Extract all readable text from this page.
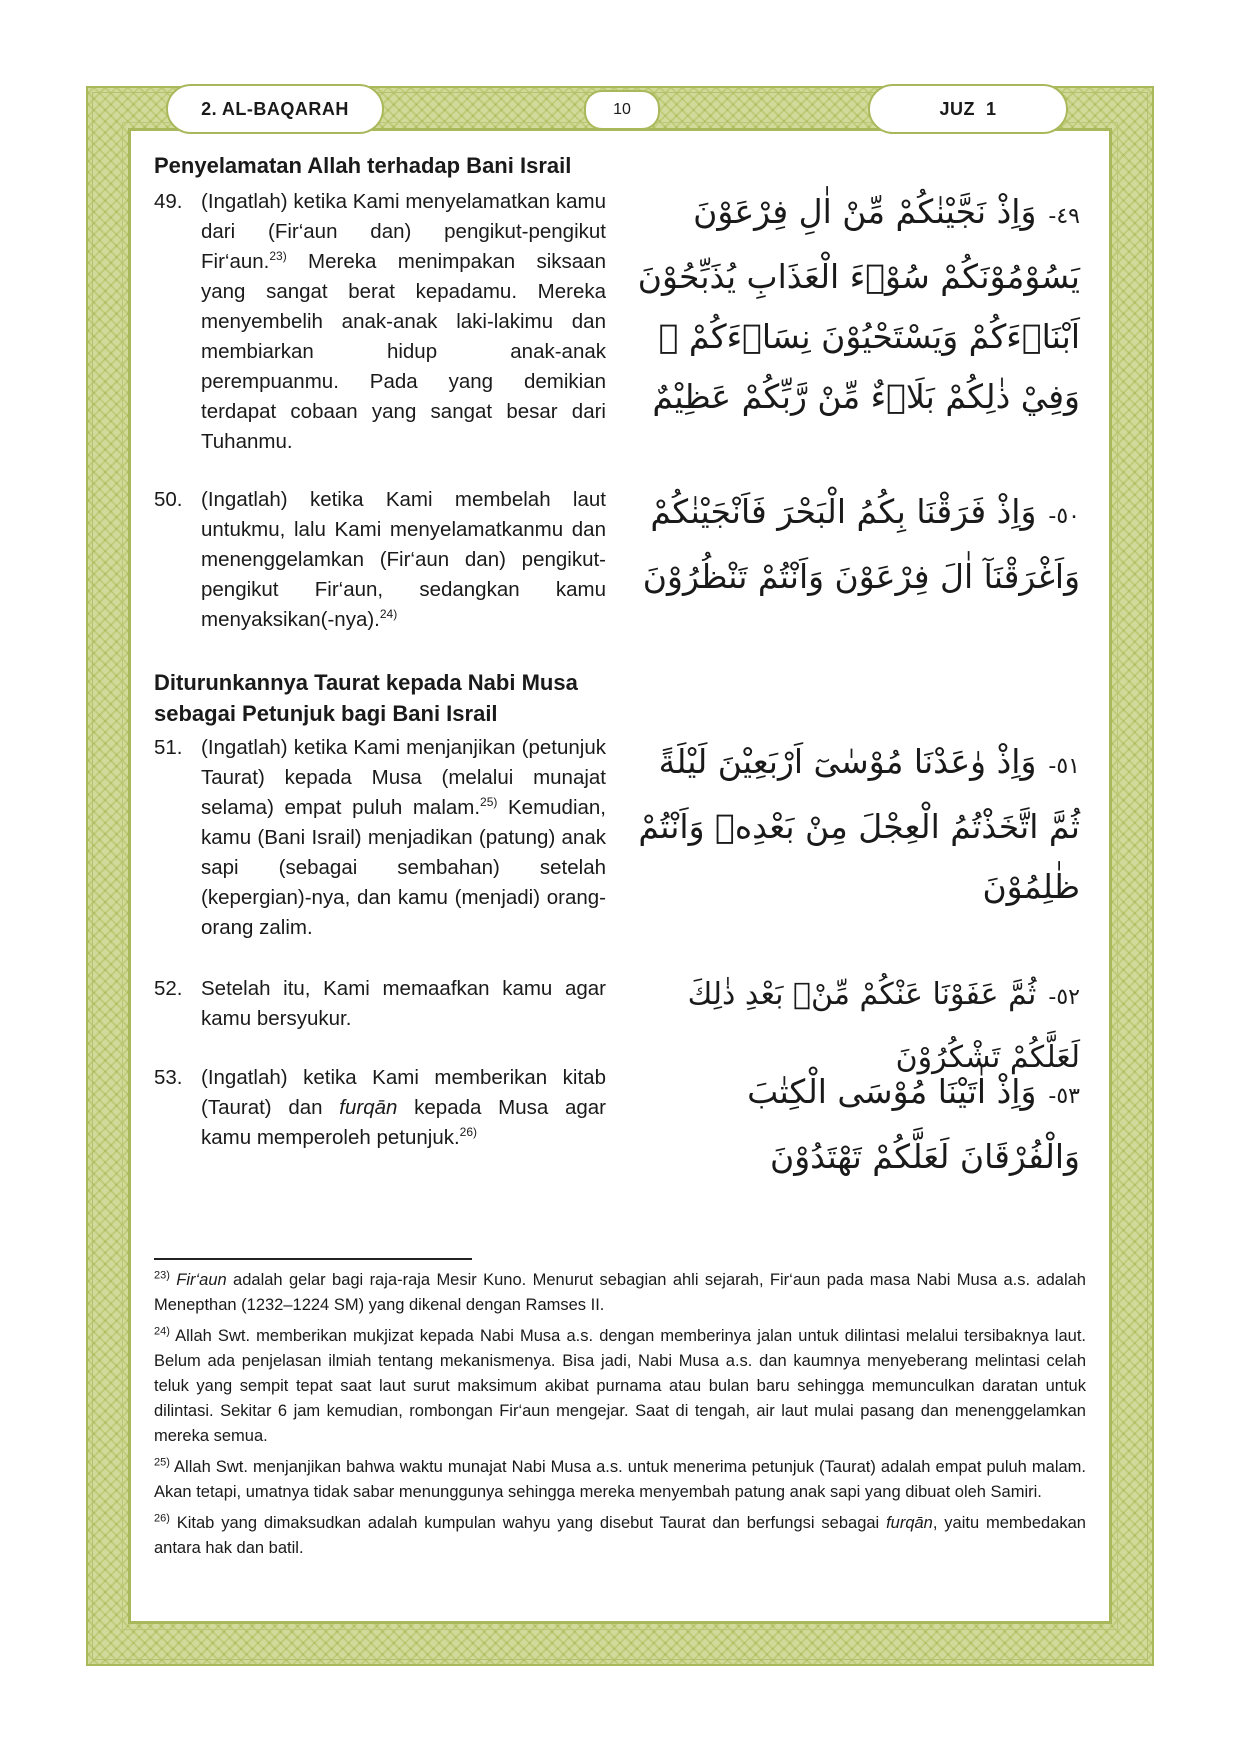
2. AL-BAQARAH	10	JUZ  1
Penyelamatan Allah terhadap Bani Israil
49. (Ingatlah) ketika Kami menyelamatkan kamu dari (Fir‘aun dan) pengikut-pengikut Fir‘aun.$^{23)}$ Mereka menimpakan siksaan yang sangat berat kepadamu. Mereka menyembelih anak-anak laki-lakimu dan membiarkan hidup anak-anak perempuanmu. Pada yang demikian terdapat cobaan yang sangat besar dari Tuhanmu.
٤٩-وَاِذْ نَجَّيْنٰكُمْ مِّنْ اٰلِ فِرْعَوْنَ يَسُوْمُوْنَكُمْ سُوْۤءَ الْعَذَابِ يُذَبِّحُوْنَ اَبْنَاۤءَكُمْ وَيَسْتَحْيُوْنَ نِسَاۤءَكُمْ ۗ وَفِيْ ذٰلِكُمْ بَلَاۤءٌ مِّنْ رَّبِّكُمْ عَظِيْمٌ
50. (Ingatlah) ketika Kami membelah laut untukmu, lalu Kami menyelamatkanmu dan menenggelamkan (Fir‘aun dan) pengikut-pengikut Fir‘aun, sedangkan kamu menyaksikan(-nya).$^{24)}$
٥٠-وَاِذْ فَرَقْنَا بِكُمُ الْبَحْرَ فَاَنْجَيْنٰكُمْ وَاَغْرَقْنَآ اٰلَ فِرْعَوْنَ وَاَنْتُمْ تَنْظُرُوْنَ
Diturunkannya Taurat kepada Nabi Musa
sebagai Petunjuk bagi Bani Israil
51. (Ingatlah) ketika Kami menjanjikan (petunjuk Taurat) kepada Musa (melalui munajat selama) empat puluh malam.$^{25)}$ Kemudian, kamu (Bani Israil) menjadikan (patung) anak sapi (sebagai sembahan) setelah (kepergian)-nya, dan kamu (menjadi) orang-orang zalim.
٥١-وَاِذْ وٰعَدْنَا مُوْسٰىٓ اَرْبَعِيْنَ لَيْلَةً ثُمَّ اتَّخَذْتُمُ الْعِجْلَ مِنْ بَعْدِهٖ وَاَنْتُمْ ظٰلِمُوْنَ
52. Setelah itu, Kami memaafkan kamu agar kamu bersyukur.
٥٢-ثُمَّ عَفَوْنَا عَنْكُمْ مِّنْۢ بَعْدِ ذٰلِكَ لَعَلَّكُمْ تَشْكُرُوْنَ
53. (Ingatlah) ketika Kami memberikan kitab (Taurat) dan furqān kepada Musa agar kamu memperoleh petunjuk.$^{26)}$
٥٣-وَاِذْ اٰتَيْنَا مُوْسَى الْكِتٰبَ وَالْفُرْقَانَ لَعَلَّكُمْ تَهْتَدُوْنَ

$^{23)}$ Fir‘aun adalah gelar bagi raja-raja Mesir Kuno. Menurut sebagian ahli sejarah, Fir‘aun pada masa Nabi Musa a.s. adalah Menepthan (1232–1224 SM) yang dikenal dengan Ramses II.

$^{24)}$ Allah Swt. memberikan mukjizat kepada Nabi Musa a.s. dengan memberinya jalan untuk dilintasi melalui tersibaknya laut. Belum ada penjelasan ilmiah tentang mekanismenya. Bisa jadi, Nabi Musa a.s. dan kaumnya menyeberang melintasi celah teluk yang sempit tepat saat laut surut maksimum akibat purnama atau bulan baru sehingga memunculkan daratan untuk dilintasi. Sekitar 6 jam kemudian, rombongan Fir‘aun mengejar. Saat di tengah, air laut mulai pasang dan menenggelamkan mereka semua.

$^{25)}$ Allah Swt. menjanjikan bahwa waktu munajat Nabi Musa a.s. untuk menerima petunjuk (Taurat) adalah empat puluh malam. Akan tetapi, umatnya tidak sabar menunggunya sehingga mereka menyembah patung anak sapi yang dibuat oleh Samiri.

$^{26)}$ Kitab yang dimaksudkan adalah kumpulan wahyu yang disebut Taurat dan berfungsi sebagai furqān, yaitu membedakan antara hak dan batil.
